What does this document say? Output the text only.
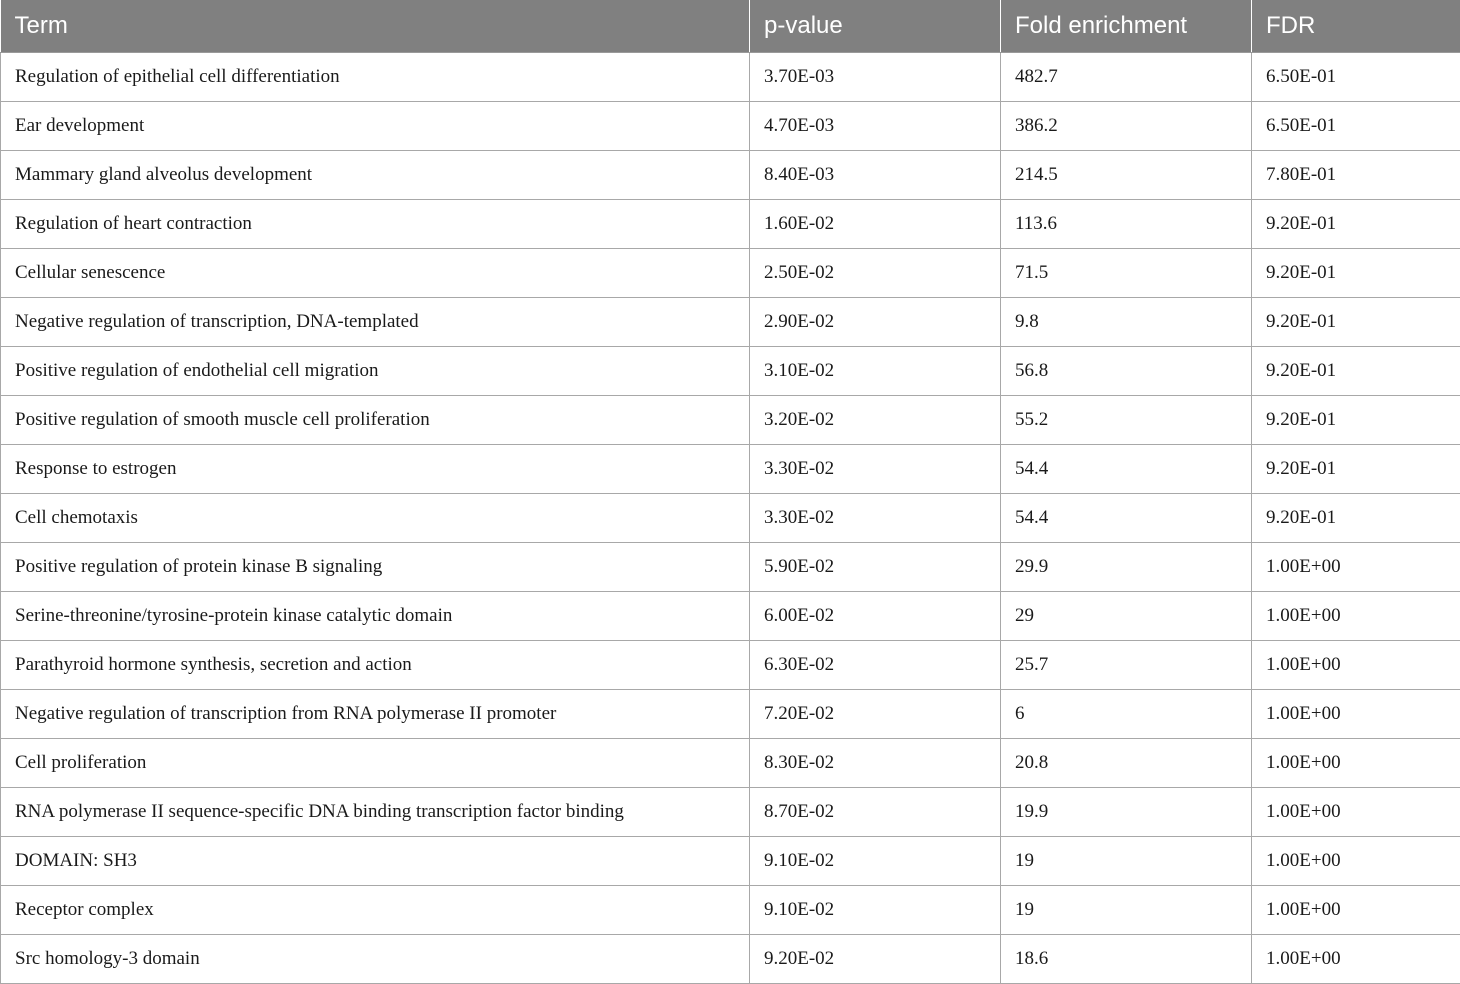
Term	p-value	Fold enrichment	FDR
Regulation of epithelial cell differentiation	3.70E-03	482.7	6.50E-01
Ear development	4.70E-03	386.2	6.50E-01
Mammary gland alveolus development	8.40E-03	214.5	7.80E-01
Regulation of heart contraction	1.60E-02	113.6	9.20E-01
Cellular senescence	2.50E-02	71.5	9.20E-01
Negative regulation of transcription, DNA-templated	2.90E-02	9.8	9.20E-01
Positive regulation of endothelial cell migration	3.10E-02	56.8	9.20E-01
Positive regulation of smooth muscle cell proliferation	3.20E-02	55.2	9.20E-01
Response to estrogen	3.30E-02	54.4	9.20E-01
Cell chemotaxis	3.30E-02	54.4	9.20E-01
Positive regulation of protein kinase B signaling	5.90E-02	29.9	1.00E+00
Serine-threonine/tyrosine-protein kinase catalytic domain	6.00E-02	29	1.00E+00
Parathyroid hormone synthesis, secretion and action	6.30E-02	25.7	1.00E+00
Negative regulation of transcription from RNA polymerase II promoter	7.20E-02	6	1.00E+00
Cell proliferation	8.30E-02	20.8	1.00E+00
RNA polymerase II sequence-specific DNA binding transcription factor binding	8.70E-02	19.9	1.00E+00
DOMAIN: SH3	9.10E-02	19	1.00E+00
Receptor complex	9.10E-02	19	1.00E+00
Src homology-3 domain	9.20E-02	18.6	1.00E+00
